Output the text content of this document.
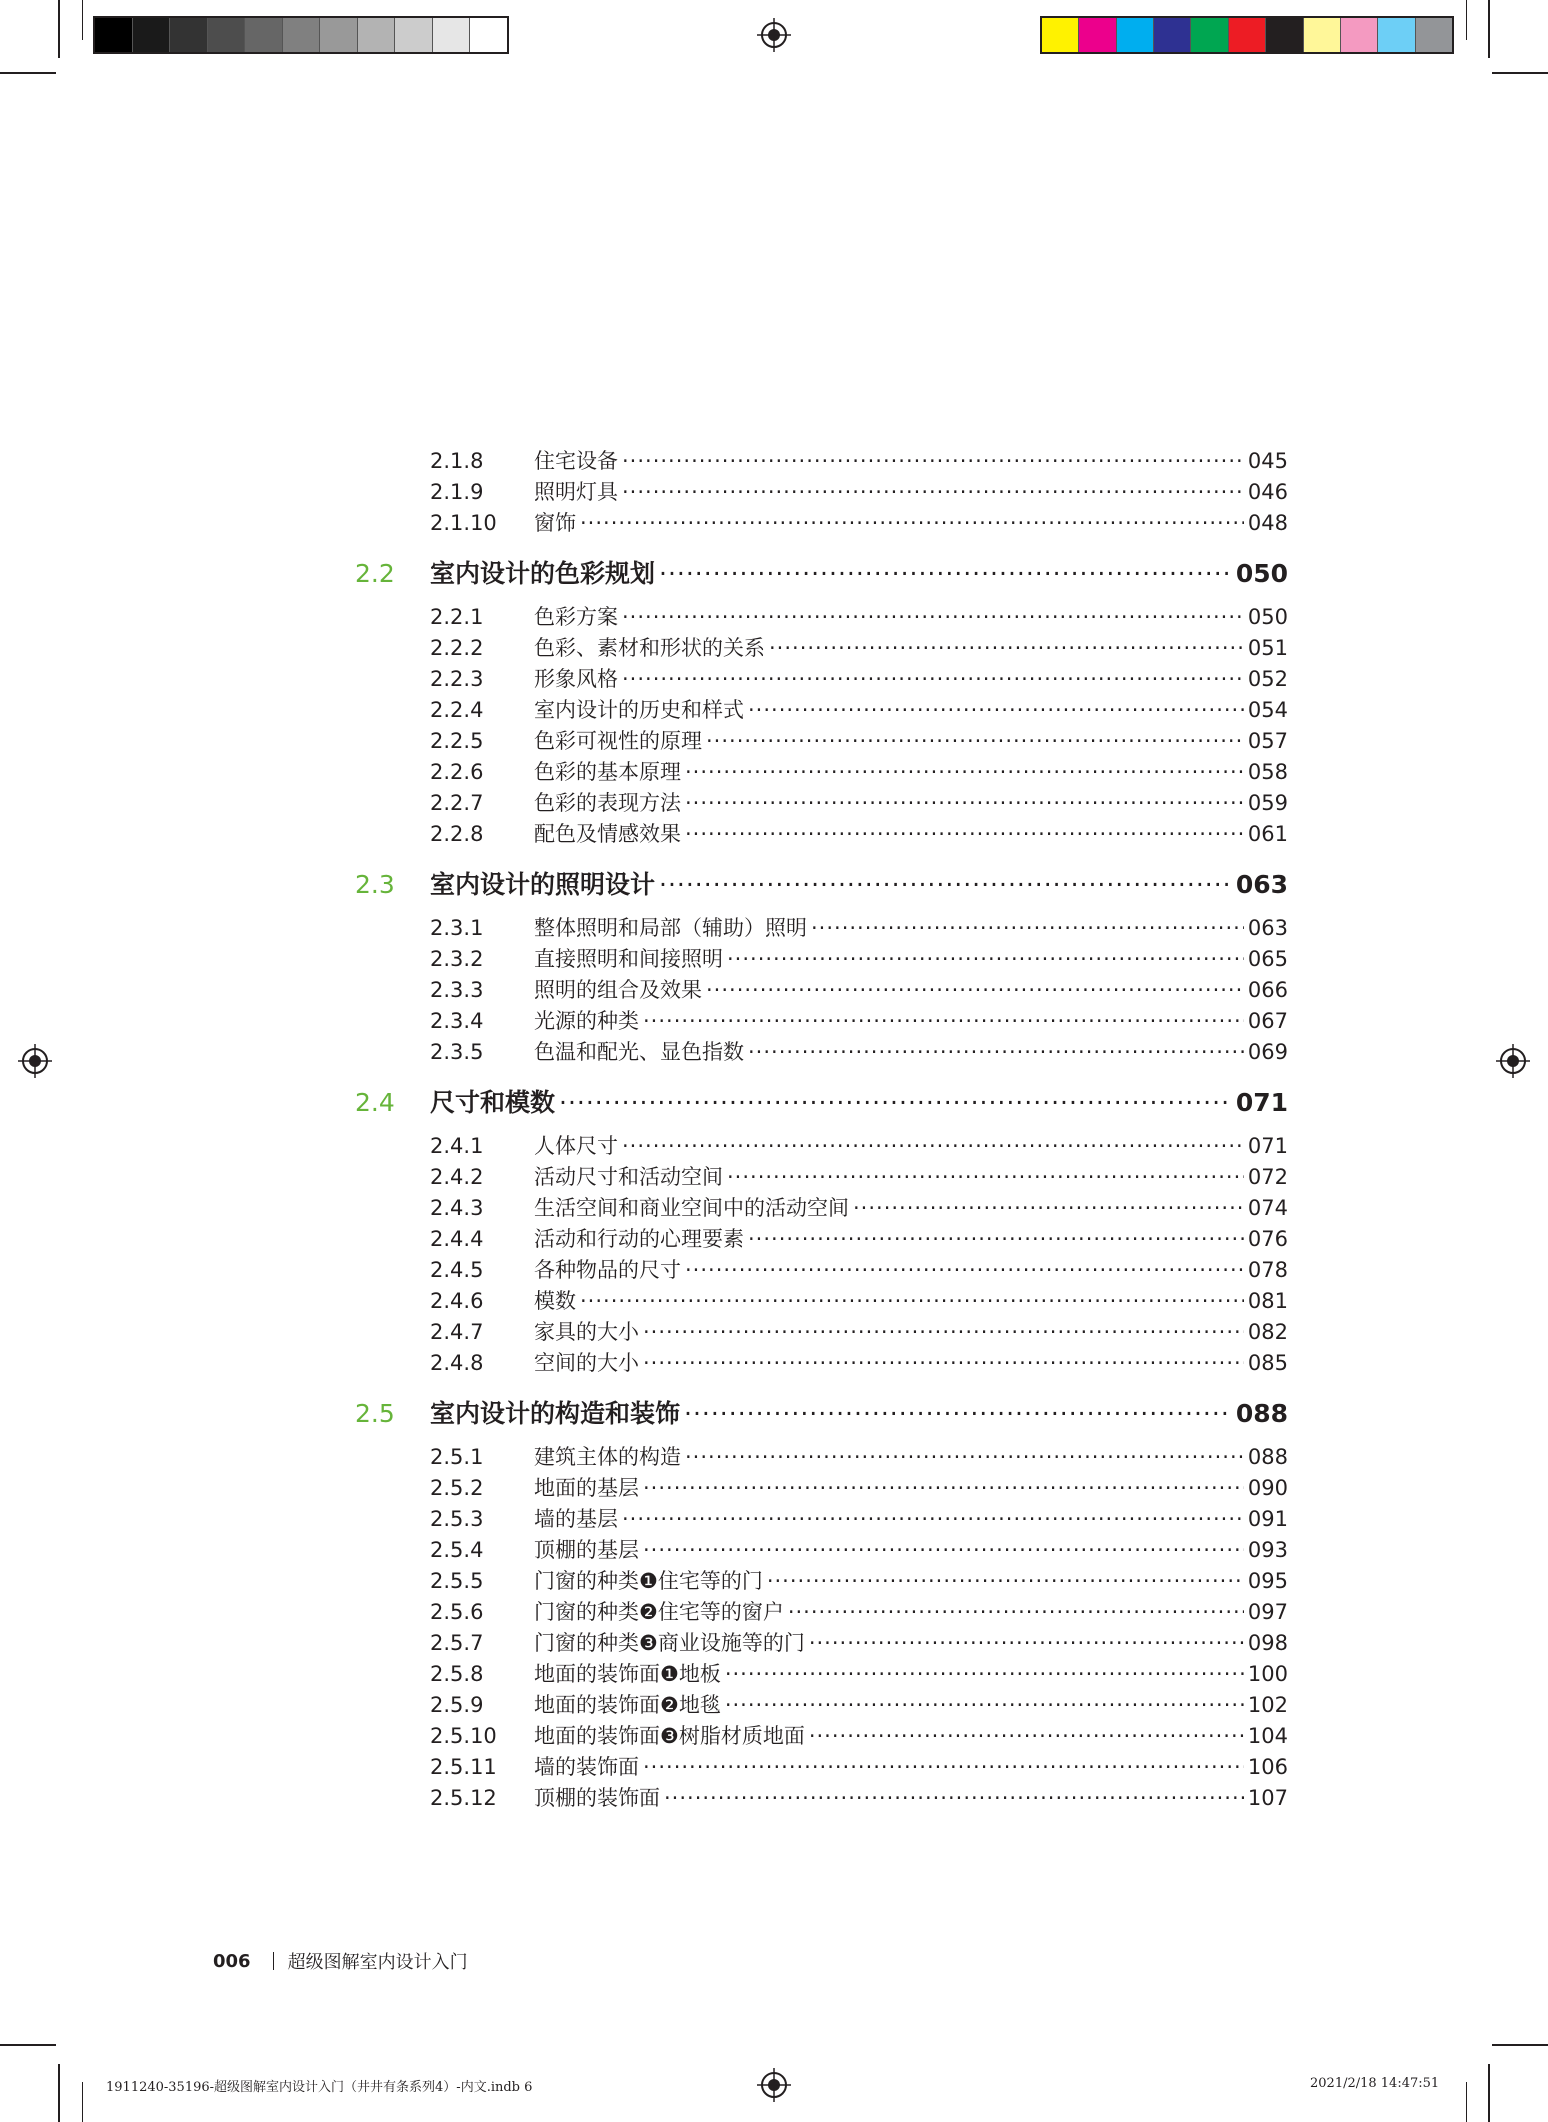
2.1.8	住宅设备 ·····	045
2.1.9	照明灯具 ·····	046
2.1.10	窗饰 ·····	048
2.2	室内设计的色彩规划 ·····	050
2.2.1	色彩方案 ·····	050
2.2.2	色彩、素材和形状的关系 ·····	051
2.2.3	形象风格 ·····	052
2.2.4	室内设计的历史和样式 ·····	054
2.2.5	色彩可视性的原理 ·····	057
2.2.6	色彩的基本原理 ·····	058
2.2.7	色彩的表现方法 ·····	059
2.2.8	配色及情感效果 ·····	061
2.3	室内设计的照明设计 ·····	063
2.3.1	整体照明和局部（辅助）照明 ·····	063
2.3.2	直接照明和间接照明 ·····	065
2.3.3	照明的组合及效果 ·····	066
2.3.4	光源的种类 ·····	067
2.3.5	色温和配光、显色指数 ·····	069
2.4	尺寸和模数 ·····	071
2.4.1	人体尺寸 ·····	071
2.4.2	活动尺寸和活动空间 ·····	072
2.4.3	生活空间和商业空间中的活动空间 ·····	074
2.4.4	活动和行动的心理要素 ·····	076
2.4.5	各种物品的尺寸 ·····	078
2.4.6	模数 ·····	081
2.4.7	家具的大小 ·····	082
2.4.8	空间的大小 ·····	085
2.5	室内设计的构造和装饰 ·····	088
2.5.1	建筑主体的构造 ·····	088
2.5.2	地面的基层 ·····	090
2.5.3	墙的基层 ·····	091
2.5.4	顶棚的基层 ·····	093
2.5.5	门窗的种类❶住宅等的门 ·····	095
2.5.6	门窗的种类❷住宅等的窗户 ·····	097
2.5.7	门窗的种类❸商业设施等的门 ·····	098
2.5.8	地面的装饰面❶地板 ·····	100
2.5.9	地面的装饰面❷地毯 ·····	102
2.5.10	地面的装饰面❸树脂材质地面 ·····	104
2.5.11	墙的装饰面 ·····	106
2.5.12	顶棚的装饰面 ·····	107
006 超级图解室内设计入门
1911240-35196-超级图解室内设计入门（井井有条系列4）-内文.indb 6	2021/2/18 14:47:51
